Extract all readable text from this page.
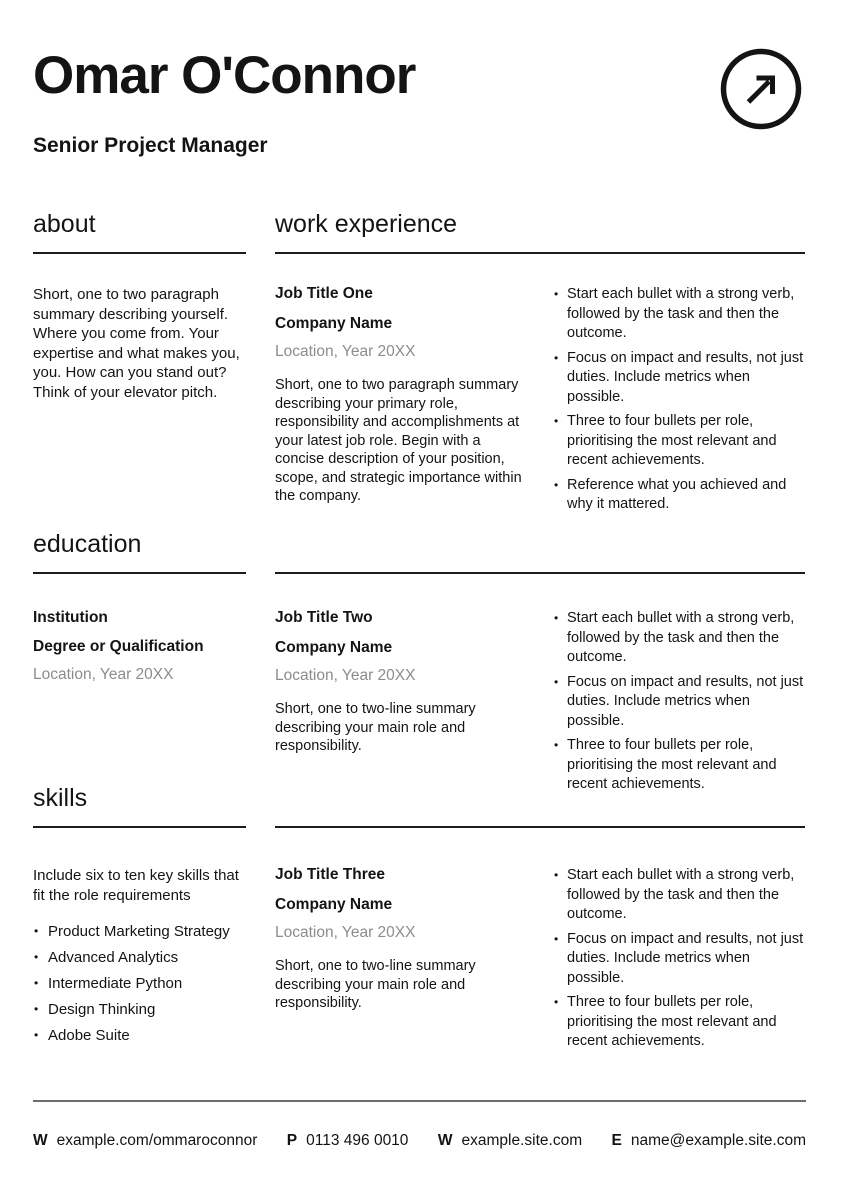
Omar O'Connor

Senior Project Manager

about	work experience

Short, one to two paragraph summary describing yourself. Where you come from. Your expertise and what makes you, you. How can you stand out? Think of your elevator pitch.

Job Title One

Company Name

Location, Year 20XX

Short, one to two paragraph summary describing your primary role, responsibility and accomplishments at your latest job role. Begin with a concise description of your position, scope, and strategic importance within the company.

• Start each bullet with a strong verb, followed by the task and then the outcome.
• Focus on impact and results, not just duties. Include metrics when possible.
• Three to four bullets per role, prioritising the most relevant and recent achievements.
• Reference what you achieved and why it mattered.
education

Institution

Degree or Qualification

Location, Year 20XX

Job Title Two

Company Name

Location, Year 20XX

Short, one to two-line summary describing your main role and responsibility.

• Start each bullet with a strong verb, followed by the task and then the outcome.
• Focus on impact and results, not just duties. Include metrics when possible.
• Three to four bullets per role, prioritising the most relevant and recent achievements.
skills

Include six to ten key skills that fit the role requirements

• Product Marketing Strategy
• Advanced Analytics
• Intermediate Python
• Design Thinking
• Adobe Suite
Job Title Three

Company Name

Location, Year 20XX

Short, one to two-line summary describing your main role and responsibility.

• Start each bullet with a strong verb, followed by the task and then the outcome.
• Focus on impact and results, not just duties. Include metrics when possible.
• Three to four bullets per role, prioritising the most relevant and recent achievements.
W example.com/ommaroconnor P 0113 496 0010 W example.site.com E name@example.site.com
